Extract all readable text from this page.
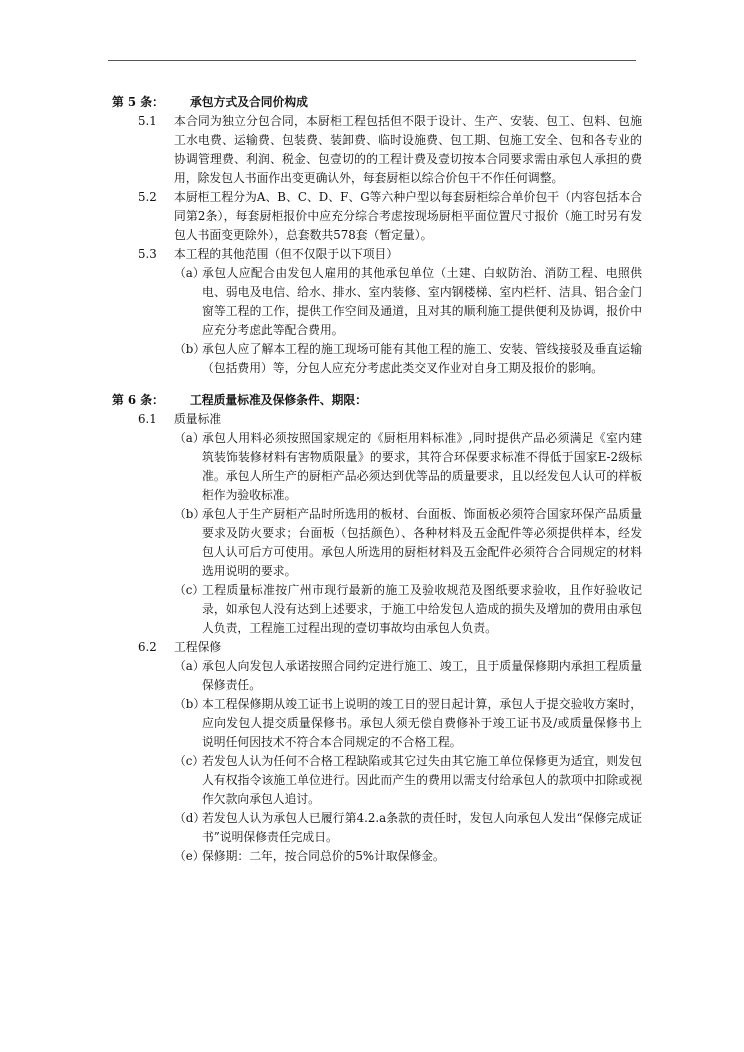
第 5 条： 承包方式及合同价构成
5.1 本合同为独立分包合同，本厨柜工程包括但不限于设计、生产、安装、包工、包料、包施工水电费、运输费、包装费、装卸费、临时设施费、包工期、包施工安全、包和各专业的协调管理费、利润、税金、包壹切的的工程计费及壹切按本合同要求需由承包人承担的费用，除发包人书面作出变更确认外，每套厨柜以综合价包干不作任何调整。
5.2 本厨柜工程分为A、B、C、D、F、G等六种户型以每套厨柜综合单价包干（内容包括本合同第2条），每套厨柜报价中应充分综合考虑按现场厨柜平面位置尺寸报价（施工时另有发包人书面变更除外），总套数共578套（暂定量）。
5.3 本工程的其他范围（但不仅限于以下项目）
（a）
承包人应配合由发包人雇用的其他承包单位（土建、白蚁防治、消防工程、电照供电、弱电及电信、给水、排水、室内装修、室内钢楼梯、室内栏杆、洁具、铝合金门窗等工程的工作，提供工作空间及通道，且对其的顺利施工提供便利及协调，报价中应充分考虑此等配合费用。
（b）
承包人应了解本工程的施工现场可能有其他工程的施工、安装、管线接驳及垂直运输（包括费用）等，分包人应充分考虑此类交叉作业对自身工期及报价的影响。
第 6 条： 工程质量标准及保修条件、期限：
6.1 质量标准
（a）
承包人用料必须按照国家规定的《厨柜用料标准》,同时提供产品必须满足《室内建筑装饰装修材料有害物质限量》的要求，其符合环保要求标准不得低于国家E-2级标准。承包人所生产的厨柜产品必须达到优等品的质量要求，且以经发包人认可的样板柜作为验收标准。
（b）
承包人于生产厨柜产品时所选用的板材、台面板、饰面板必须符合国家环保产品质量要求及防火要求；台面板（包括颜色）、各种材料及五金配件等必须提供样本，经发包人认可后方可使用。承包人所选用的厨柜材料及五金配件必须符合合同规定的材料选用说明的要求。
（c）
工程质量标准按广州市现行最新的施工及验收规范及图纸要求验收，且作好验收记录，如承包人没有达到上述要求，于施工中给发包人造成的损失及增加的费用由承包人负责，工程施工过程出现的壹切事故均由承包人负责。
6.2 工程保修
（a）
承包人向发包人承诺按照合同约定进行施工、竣工，且于质量保修期内承担工程质量保修责任。
（b）
本工程保修期从竣工证书上说明的竣工日的翌日起计算，承包人于提交验收方案时，应向发包人提交质量保修书。承包人须无偿自费修补于竣工证书及/或质量保修书上说明任何因技术不符合本合同规定的不合格工程。
（c）
若发包人认为任何不合格工程缺陷或其它过失由其它施工单位保修更为适宜，则发包人有权指令该施工单位进行。因此而产生的费用以需支付给承包人的款项中扣除或视作欠款向承包人追讨。
（d）
若发包人认为承包人已履行第4.2.a条款的责任时，发包人向承包人发出“保修完成证书”说明保修责任完成日。
（e）
保修期：二年，按合同总价的5%计取保修金。
